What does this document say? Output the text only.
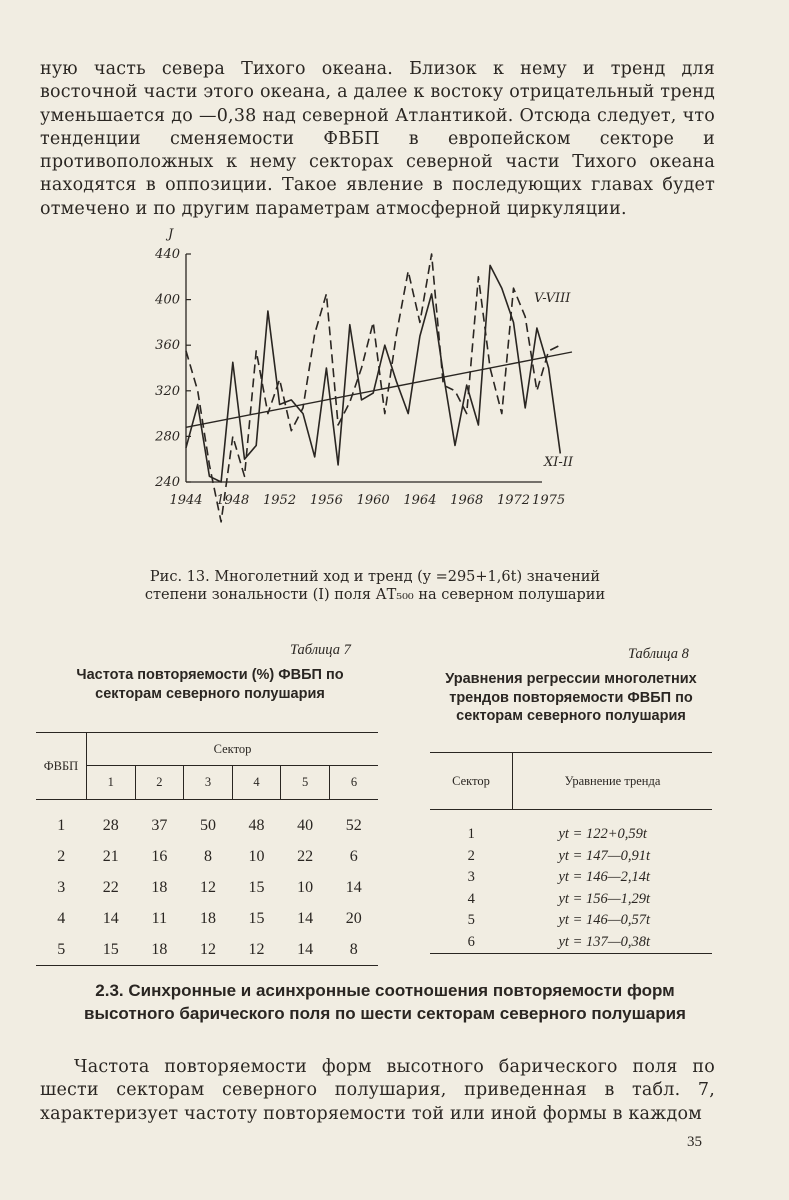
ную часть севера Тихого океана. Близок к нему и тренд для восточной части этого океана, а далее к востоку отрицательный тренд уменьшается до —0,38 над северной Атлантикой. Отсюда следует, что тенденции сменяемости ФВБП в европейском секторе и противоположных к нему секторах северной части Тихого океана находятся в оппозиции. Такое явление в последующих главах будет отмечено и по другим параметрам атмосферной циркуляции.

J
240
280
320
360
400
440
1944 1948 1952 1956 1960 1964 1968 1972 1975
V-VIII
XI-II

Рис. 13. Многолетний ход и тренд (y =295+1,6t) значений степени зональности (I) поля АТ₅₀₀ на северном полушарии

Таблица 7

Частота повторяемости (%) ФВБП по секторам северного полушария

ФВБП	Сектор					
	1	2	3	4	5	6
1	28	37	50	48	40	52
2	21	16	8	10	22	6
3	22	18	12	15	10	14
4	14	11	18	15	14	20
5	15	18	12	12	14	8
Таблица 8

Уравнения регрессии многолетних трендов повторяемости ФВБП по секторам северного полушария

Сектор	Уравнение тренда
1	yt = 122+0,59t
2	yt = 147—0,91t
3	yt = 146—2,14t
4	yt = 156—1,29t
5	yt = 146—0,57t
6	yt = 137—0,38t

2.3. Синхронные и асинхронные соотношения повторяемости форм высотного барического поля по шести секторам северного полушария

Частота повторяемости форм высотного барического поля по шести секторам северного полушария, приведенная в табл. 7, характеризует частоту повторяемости той или иной формы в каждом

35
